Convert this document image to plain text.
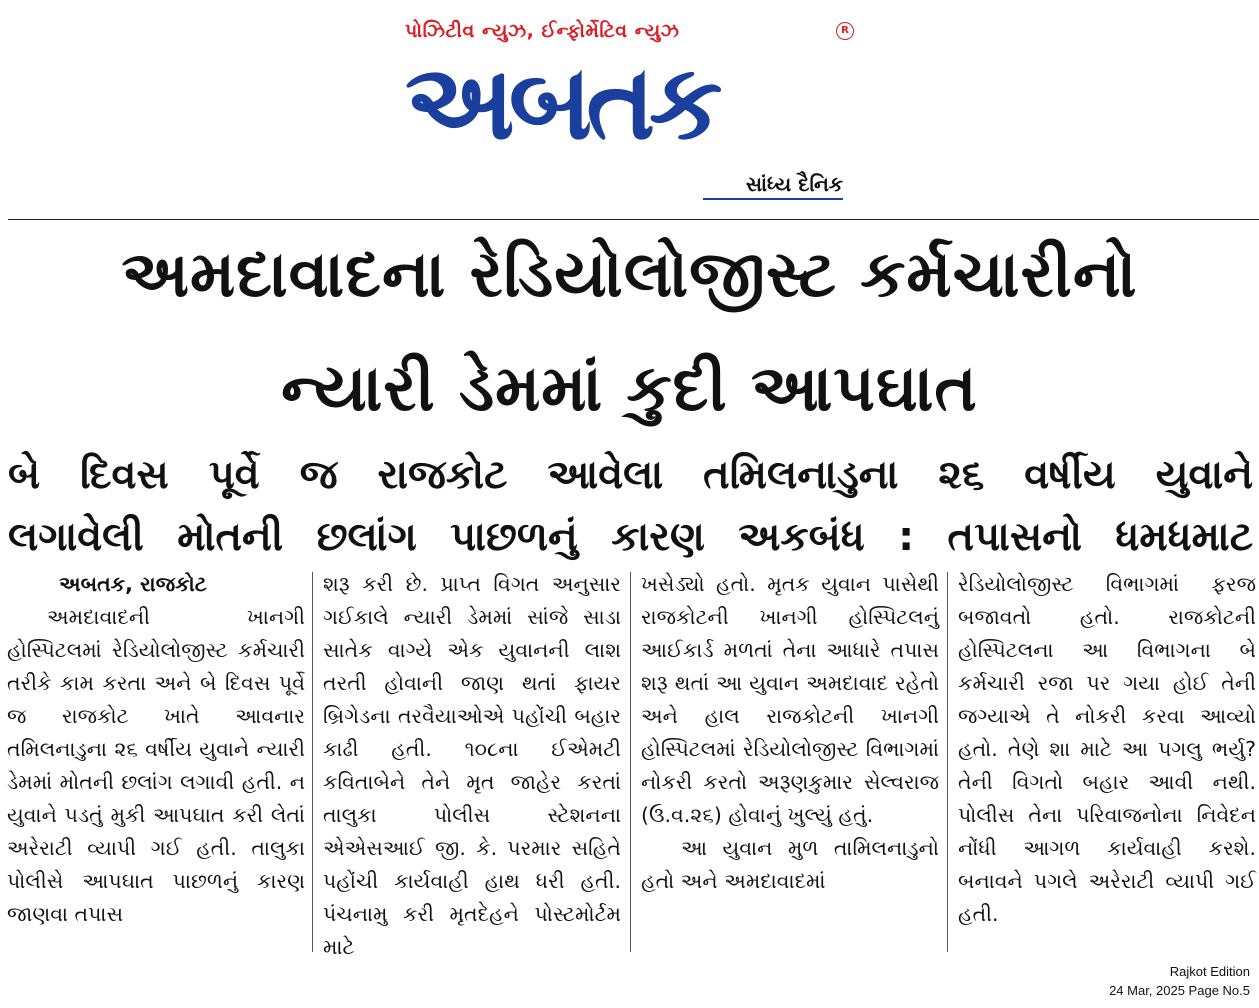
પોઝિટીવ ન્યુઝ, ઈન્ફોર્મેટિવ ન્યુઝ	R
અબતક
સાંધ્ય દૈનિક
અમદાવાદના રેડિયોલોજીસ્ટ કર્મચારીનો
ન્યારી ડેમમાં કુદી આપઘાત
બે દિવસ પૂર્વે જ રાજકોટ આવેલા તમિલનાડુના ૨૬ વર્ષીય યુવાને
લગાવેલી મોતની છલાંગ પાછળનું કારણ અકબંધ : તપાસનો ધમધમાટ
અબતક, રાજકોટ

અમદાવાદની ખાનગી હોસ્પિટલમાં રેડિયોલોજીસ્ટ કર્મચારી તરીકે કામ કરતા અને બે દિવસ પૂર્વે જ રાજકોટ ખાતે આવનાર તમિલનાડુના ૨૬ વર્ષીય યુવાને ન્યારી ડેમમાં મોતની છલાંગ લગાવી હતી. ન યુવાને પડતું મુકી આપઘાત કરી લેતાં અરેરાટી વ્યાપી ગઈ હતી. તાલુકા પોલીસે આપઘાત પાછળનું કારણ જાણવા તપાસ

શરૂ કરી છે. પ્રાપ્ત વિગત અનુસાર ગઈકાલે ન્યારી ડેમમાં સાંજે સાડા સાતેક વાગ્યે એક યુવાનની લાશ તરતી હોવાની જાણ થતાં ફાયર બ્રિગેડના તરવૈયાઓએ પહોંચી બહાર કાઢી હતી. ૧૦૮ના ઈએમટી કવિતાબેને તેને મૃત જાહેર કરતાં તાલુકા પોલીસ સ્ટેશનના એએસઆઈ જી. કે. પરમાર સહિતે પહોંચી કાર્યવાહી હાથ ધરી હતી. પંચનામુ કરી મૃતદેહને પોસ્ટમોર્ટમ માટે

ખસેડ્યો હતો. મૃતક યુવાન પાસેથી રાજકોટની ખાનગી હોસ્પિટલનું આઈકાર્ડ મળતાં તેના આધારે તપાસ શરૂ થતાં આ યુવાન અમદાવાદ રહેતો અને હાલ રાજકોટની ખાનગી હોસ્પિટલમાં રેડિયોલોજીસ્ટ વિભાગમાં નોકરી કરતો અરૂણકુમાર સેલ્વરાજ (ઉ.વ.૨૬) હોવાનું ખુલ્યું હતું.

આ યુવાન મુળ તામિલનાડુનો હતો અને અમદાવાદમાં

રેડિયોલોજીસ્ટ વિભાગમાં ફરજ બજાવતો હતો. રાજકોટની હોસ્પિટલના આ વિભાગના બે કર્મચારી રજા પર ગયા હોઈ તેની જગ્યાએ તે નોકરી કરવા આવ્યો હતો. તેણે શા માટે આ પગલુ ભર્યુ? તેની વિગતો બહાર આવી નથી. પોલીસ તેના પરિવાજનોના નિવેદન નોંધી આગળ કાર્યવાહી કરશે. બનાવને પગલે અરેરાટી વ્યાપી ગઈ હતી.

Rajkot Edition
24 Mar, 2025 Page No.5
